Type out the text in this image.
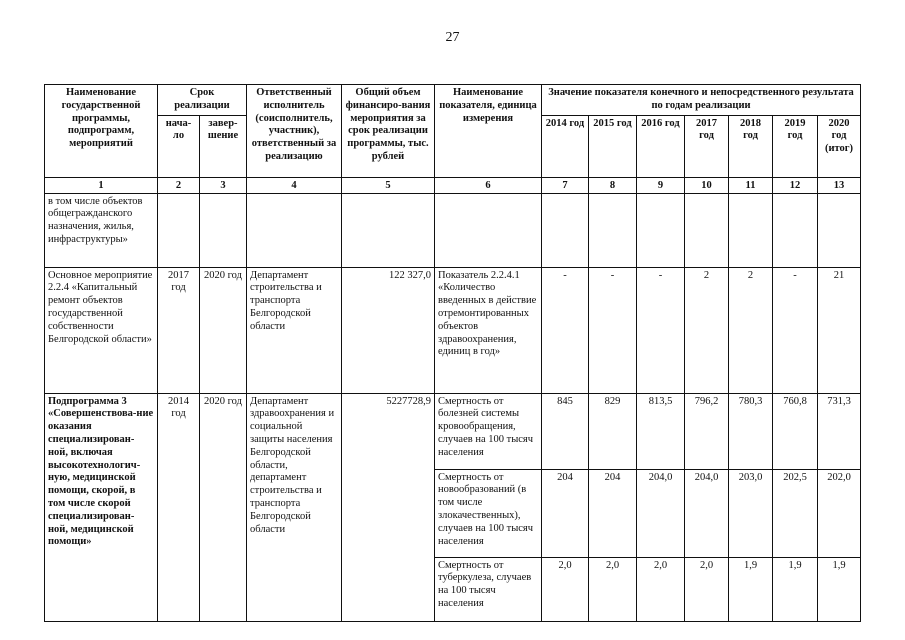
27
Наименование государственной программы, подпрограмм, мероприятий	Срок реализации		Ответственный исполнитель (соисполнитель, участник), ответственный за реализацию	Общий объем финансиро-вания мероприятия за срок реализации программы, тыс. рублей	Наименование показателя, единица измерения	Значение показателя конечного и непосредственного результата по годам реализации						
	нача-ло	завер-шение				2014 год	2015 год	2016 год	2017 год	2018 год	2019 год	2020 год (итог)
1	2	3	4	5	6	7	8	9	10	11	12	13
в том числе объектов общегражданского назначения, жилья, инфраструктуры»												
Основное мероприятие 2.2.4 «Капитальный ремонт объектов государственной собственности Белгородской области»	2017 год	2020 год	Департамент строительства и транспорта Белгородской области	122 327,0	Показатель 2.2.4.1 «Количество введенных в действие отремонтированных объектов здравоохранения, единиц в год»	-	-	-	2	2	-	21
Подпрограмма 3 «Совершенствова-ние оказания специализирован-ной, включая высокотехнологич-ную, медицинской помощи, скорой, в том числе скорой специализирован-ной, медицинской помощи»	2014 год	2020 год	Департамент здравоохранения и социальной защиты населения Белгородской области, департамент строительства и транспорта Белгородской области	5227728,9	Смертность от болезней системы кровообращения, случаев на 100 тысяч населения	845	829	813,5	796,2	780,3	760,8	731,3
					Смертность от новообразований (в том числе злокачественных), случаев на 100 тысяч населения	204	204	204,0	204,0	203,0	202,5	202,0
					Смертность от туберкулеза, случаев на 100 тысяч населения	2,0	2,0	2,0	2,0	1,9	1,9	1,9
